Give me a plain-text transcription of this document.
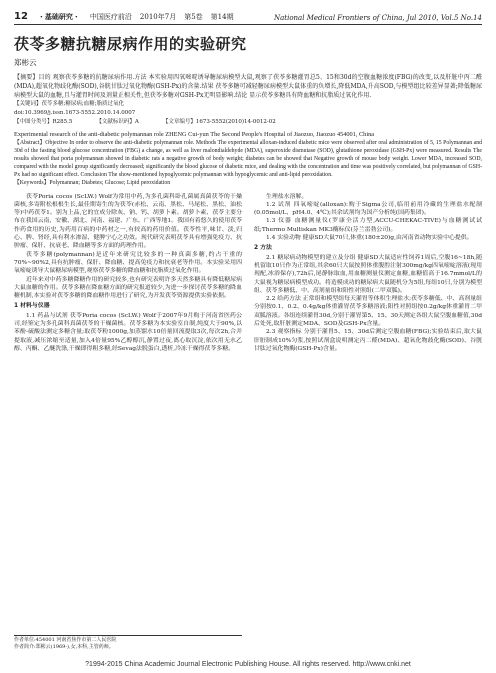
12 ・基础研究・ 中国医疗前沿 2010年7月 第5卷 第14期	National Medical Frontiers of China, Jul 2010, Vol.5 No.14
茯苓多糖抗糖尿病作用的实验研究
郑彬云
【摘要】目的 观察茯苓多糖的抗糖尿病作用.方法 本实验用四氧嘧啶诱导糖尿病模型大鼠,观察了茯苓多糖灌胃总5、15和30d的空腹血糖浓度(FBG)的改变,以及肝脏中丙二醛(MDA),超氧化物歧化酶(SOD),谷胱甘肽过氧化物酶(GSH-Px)的含量.结果 茯苓多糖可减轻糖尿病模型大鼠体重的负增长,降低MDA,升高SOD,与模型组比较差异显著;降低糖尿病模型大鼠的血糖,且与灌胃时间及剂量正相关性,但茯苓多糖对GSH-Px无明显影响.结论 显示茯苓多糖具有降血糖和抗脂质过氧化作用.
【关键词】茯苓多糖;糖尿病;血糖;脂质过氧化
doi:10.3969/j.issn.1673-5552.2010.14.0007
【中图分类号】R285.5	【文献标识码】A	【文章编号】1673-5552(2010)14-0012-02
Experimental research of the anti-diabetic polymannan role ZHENG Cui-yun The Second People's Hospital of Jiaozuo, Jiaozuo 454001, China
【Abstract】Objective In order to observe the anti-diabetic polymannan role. Methods The experimental alloxan-induced diabetic mice were observed after oral administration of 5, 15 Polymannan and 30d of the fasting blood glucose concentration (FBG) a change, as well as liver malondialdehyde (MDA), superoxide dismutase (SOD), glutathione peroxidase (GSH-Px) were measured. Results The results showed that poria polymannan showed in diabetic rats a negative growth of body weight; diabetes can be showed that Negative growth of mouse body weight. Lower MDA, increased SOD, compared with the model group significantly decreased; significantly the blood glucose of diabetic mice, and dealing with the concentration and time was positively correlated, but polymannan of GSH-Px had no significant effect. Conclusion The show-mentioned hypoglycemic polymannan with hypoglycemic and anti-lipid peroxidation.
【Keywords】Polymannan; Diabetes; Glucose; Lipid peroxidation

茯苓Poria cocos (ScLW.) Wolf为常用中药,为多孔菌科卧孔菌属真菌茯苓的干燥菌核,多寄附松根根生长,最佳期寄生的为茯苓(赤松、云南、黑松、马尾松、黑松、油松等)中药茯苓1。别为上品,它的宜成分除灰、钠、钙、胡萝卜素。胡萝卜素、茯苓主要分布在我国云南、安徽、湖北、河南、福建、广东、广西等地1。我国有着悠久的使用茯苓作药食用的历史,为药用百病的中药材之一,有较高的药用价值。茯苓性平,味甘、淡,归心、脾、肾经,具有利水渗湿、健脾宁心之功效。现代研究表明茯苓具有增强免疫力、抗肿瘤、保肝、抗衰老、降血糖等多方面的药理作用。

茯苓多糖(polymannan)是近年来研究比较多的一种真菌多糖,约占干重的70%~90%2,具有抗肿瘤、保肝、降血糖、提高免疫力和抗衰老等作用。本实验采用四氧嘧啶诱导大鼠糖尿病模型,观察茯苓多糖的降血糖和抗脂质过氧化作用。

近年来对中药多糖降糖作用的研究较多,也有研究表明许多天然多糖具有降低糖尿病大鼠血糖的作用。茯苓多糖在降血糖方面的研究报道较少,为进一步探讨茯苓多糖的降血糖机制,本实验对茯苓多糖的降血糖作用进行了研究,为开发茯苓资源提供实验依据。

1 材料与仪器

1.1 药品与试剂 茯苓Poria cocos (ScLW.) Wolf于2007年9月购于河南省医药公司,经鉴定为多孔菌科真菌茯苓的干燥菌核。茯苓多糖为本实验室自制,纯度大于90%,以苯酚-硫酸法测定多糖含量;取茯苓粉1000g,加蒸馏水10倍量回流提取3次,每次2h,合并提取液,减压浓缩至适量,加入4倍量95%乙醇醇沉,静置过夜,离心取沉淀,依次用无水乙醇、丙酮、乙醚洗涤,干燥即得粗多糖,经Sevag法脱蛋白,透析,冷冻干燥得茯苓多糖。

生理盐水溶解。

1.2 试剂 四氧嘧啶(alloxan):购于Sigma公司,临用前用冷藏的生理盐水配制(0.05mol/L、pH4.0、4℃);其余试剂均为国产分析纯(国药集团)。

1.3 仪器 血糖测量仪(罗康全活力型,ACCU-CHEKAC-TIVE)与血糖测试试纸;Thermo Multiskan MK3酶标仪(芬兰雷勃公司)。

1.4 实验动物 健康SD大鼠70只,体重(180±20)g,由河南省动物实验中心提供。

2 方法

2.1 糖尿病动物模型的建立及分组 健康SD大鼠适应性饲养1周后,空腹16~18h,随机留取10只作为正常组,其余60只大鼠按照体重腹腔注射300mg/kg四氧嘧啶溶液(现用现配,冰浴保存),72h后,尾静脉取血,用血糖测量仪测定血糖,血糖值高于16.7mmol/L的大鼠视为糖尿病模型成功。将造模成功的糖尿病大鼠随机分为5组,每组10只,分别为模型组、茯苓多糖低、中、高剂量组和阳性对照组(二甲双胍)。

2.2 给药方法 正常组和模型组每天灌胃等体积生理盐水;茯苓多糖低、中、高剂量组分别按0.1、0.2、0.4g/kg体重灌胃茯苓多糖溶液;阳性对照组按0.2g/kg体重灌胃二甲双胍溶液。各组连续灌胃30d,分别于灌胃第5、15、30天测定各组大鼠空腹血糖值,30d后处死,取肝脏测定MDA、SOD及GSH-Px含量。

2.3 观察指标 分别于灌胃5、15、30d后测定空腹血糖(FBG);实验结束后,取大鼠肝脏制成10%匀浆,按照试剂盒说明测定丙二醛(MDA)、超氧化物歧化酶(SOD)、谷胱甘肽过氧化物酶(GSH-Px)含量。

作者单位:454001 河南省焦作市第二人民医院
作者简介:郑彬云(1969-),女,本科,主管药师。
?1994-2015 China Academic Journal Electronic Publishing House. All rights reserved. http://www.cnki.net
